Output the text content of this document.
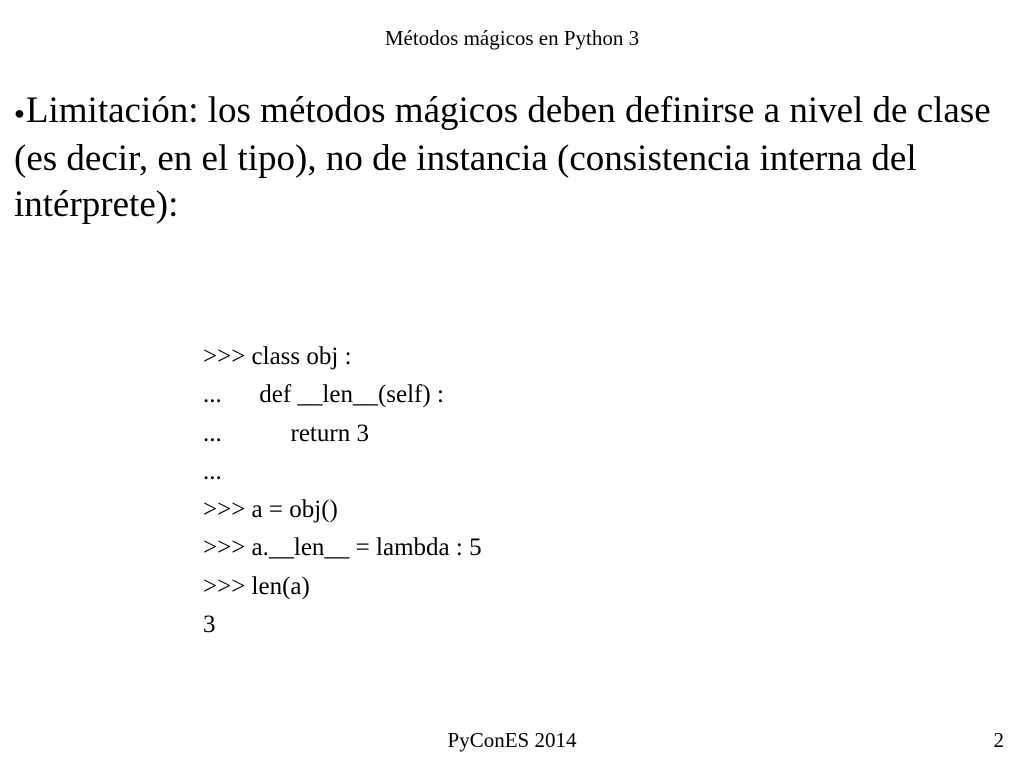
Métodos mágicos en Python 3
●Limitación: los métodos mágicos deben definirse a nivel de clase (es decir, en el tipo), no de instancia (consistencia interna del intérprete):
>>> class obj :
...      def __len__(self) :
...           return 3
...
>>> a = obj()
>>> a.__len__ = lambda : 5
>>> len(a)
3
PyConES 2014	2
